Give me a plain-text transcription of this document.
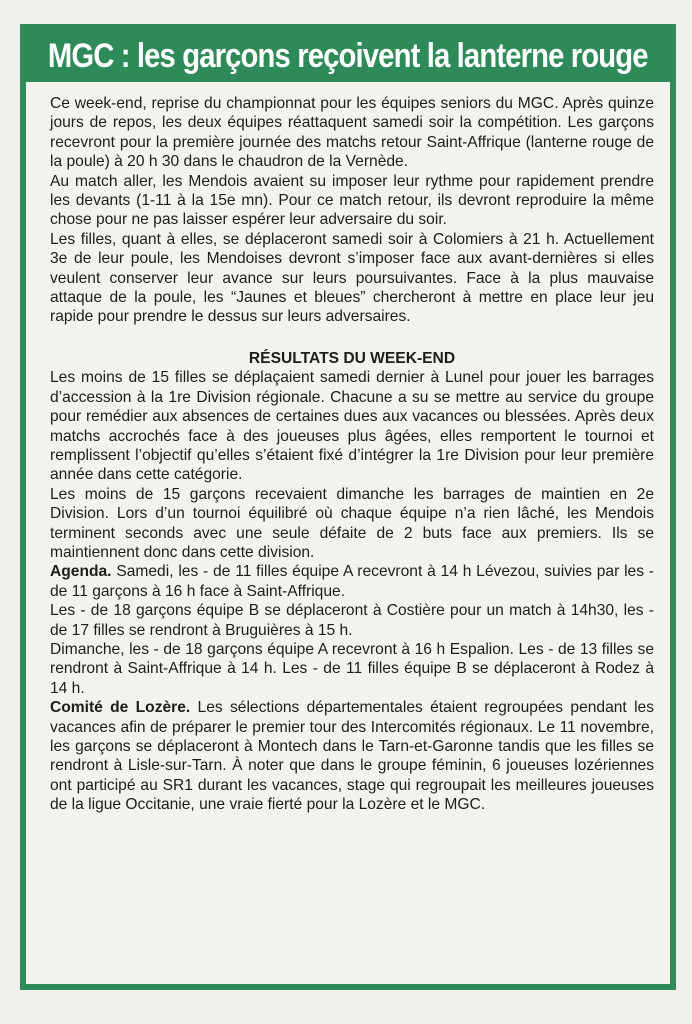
MGC : les garçons reçoivent la lanterne rouge

Ce week-end, reprise du championnat pour les équipes seniors du MGC. Après quinze jours de repos, les deux équipes réattaquent samedi soir la compétition. Les garçons recevront pour la première journée des matchs retour Saint-Affrique (lanterne rouge de la poule) à 20 h 30 dans le chaudron de la Vernède.

Au match aller, les Mendois avaient su imposer leur rythme pour rapidement prendre les devants (1-11 à la 15e mn). Pour ce match retour, ils devront reproduire la même chose pour ne pas laisser espérer leur adversaire du soir.

Les filles, quant à elles, se déplaceront samedi soir à Colomiers à 21 h. Actuellement 3e de leur poule, les Mendoises devront s’imposer face aux avant-dernières si elles veulent conserver leur avance sur leurs poursuivantes. Face à la plus mauvaise attaque de la poule, les “Jaunes et bleues” chercheront à mettre en place leur jeu rapide pour prendre le dessus sur leurs adversaires.

RÉSULTATS DU WEEK-END

Les moins de 15 filles se déplaçaient samedi dernier à Lunel pour jouer les barrages d’accession à la 1re Division régionale. Chacune a su se mettre au service du groupe pour remédier aux absences de certaines dues aux vacances ou blessées. Après deux matchs accrochés face à des joueuses plus âgées, elles remportent le tournoi et remplissent l’objectif qu’elles s’étaient fixé d’intégrer la 1re Division pour leur première année dans cette catégorie.

Les moins de 15 garçons recevaient dimanche les barrages de maintien en 2e Division. Lors d’un tournoi équilibré où chaque équipe n’a rien lâché, les Mendois terminent seconds avec une seule défaite de 2 buts face aux premiers. Ils se maintiennent donc dans cette division.

Agenda. Samedi, les - de 11 filles équipe A recevront à 14 h Lévezou, suivies par les - de 11 garçons à 16 h face à Saint-Affrique.

Les - de 18 garçons équipe B se déplaceront à Costière pour un match à 14h30, les - de 17 filles se rendront à Bruguières à 15 h.

Dimanche, les - de 18 garçons équipe A recevront à 16 h Espalion. Les - de 13 filles se rendront à Saint-Affrique à 14 h. Les - de 11 filles équipe B se déplaceront à Rodez à 14 h.

Comité de Lozère. Les sélections départementales étaient regroupées pendant les vacances afin de préparer le premier tour des Intercomités régionaux. Le 11 novembre, les garçons se déplaceront à Montech dans le Tarn-et-Garonne tandis que les filles se rendront à Lisle-sur-Tarn. À noter que dans le groupe féminin, 6 joueuses lozériennes ont participé au SR1 durant les vacances, stage qui regroupait les meilleures joueuses de la ligue Occitanie, une vraie fierté pour la Lozère et le MGC.
